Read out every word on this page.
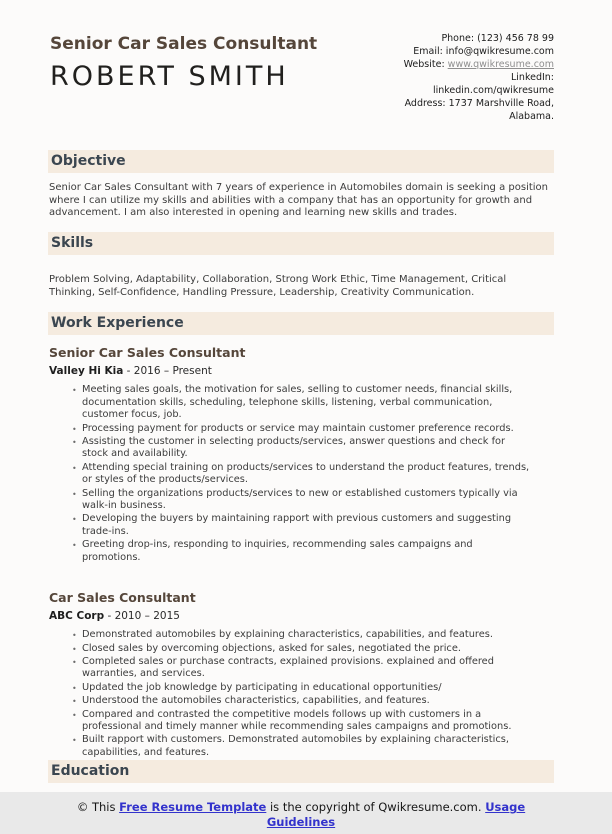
Senior Car Sales Consultant
ROBERT SMITH
Phone: (123) 456 78 99
Email: info@qwikresume.com
Website: www.qwikresume.com
LinkedIn:
linkedin.com/qwikresume
Address: 1737 Marshville Road,
Alabama.
Objective
Senior Car Sales Consultant with 7 years of experience in Automobiles domain is seeking a position where I can utilize my skills and abilities with a company that has an opportunity for growth and advancement. I am also interested in opening and learning new skills and trades.
Skills
Problem Solving, Adaptability, Collaboration, Strong Work Ethic, Time Management, Critical Thinking, Self-Confidence, Handling Pressure, Leadership, Creativity Communication.
Work Experience
Senior Car Sales Consultant
Valley Hi Kia - 2016 – Present
• Meeting sales goals, the motivation for sales, selling to customer needs, financial skills, documentation skills, scheduling, telephone skills, listening, verbal communication, customer focus, job.
• Processing payment for products or service may maintain customer preference records.
• Assisting the customer in selecting products/services, answer questions and check for stock and availability.
• Attending special training on products/services to understand the product features, trends, or styles of the products/services.
• Selling the organizations products/services to new or established customers typically via walk-in business.
• Developing the buyers by maintaining rapport with previous customers and suggesting trade-ins.
• Greeting drop-ins, responding to inquiries, recommending sales campaigns and promotions.
Car Sales Consultant
ABC Corp - 2010 – 2015
• Demonstrated automobiles by explaining characteristics, capabilities, and features.
• Closed sales by overcoming objections, asked for sales, negotiated the price.
• Completed sales or purchase contracts, explained provisions. explained and offered warranties, and services.
• Updated the job knowledge by participating in educational opportunities/
• Understood the automobiles characteristics, capabilities, and features.
• Compared and contrasted the competitive models follows up with customers in a professional and timely manner while recommending sales campaigns and promotions.
• Built rapport with customers. Demonstrated automobiles by explaining characteristics, capabilities, and features.
Education
© This Free Resume Template is the copyright of Qwikresume.com. Usage Guidelines
